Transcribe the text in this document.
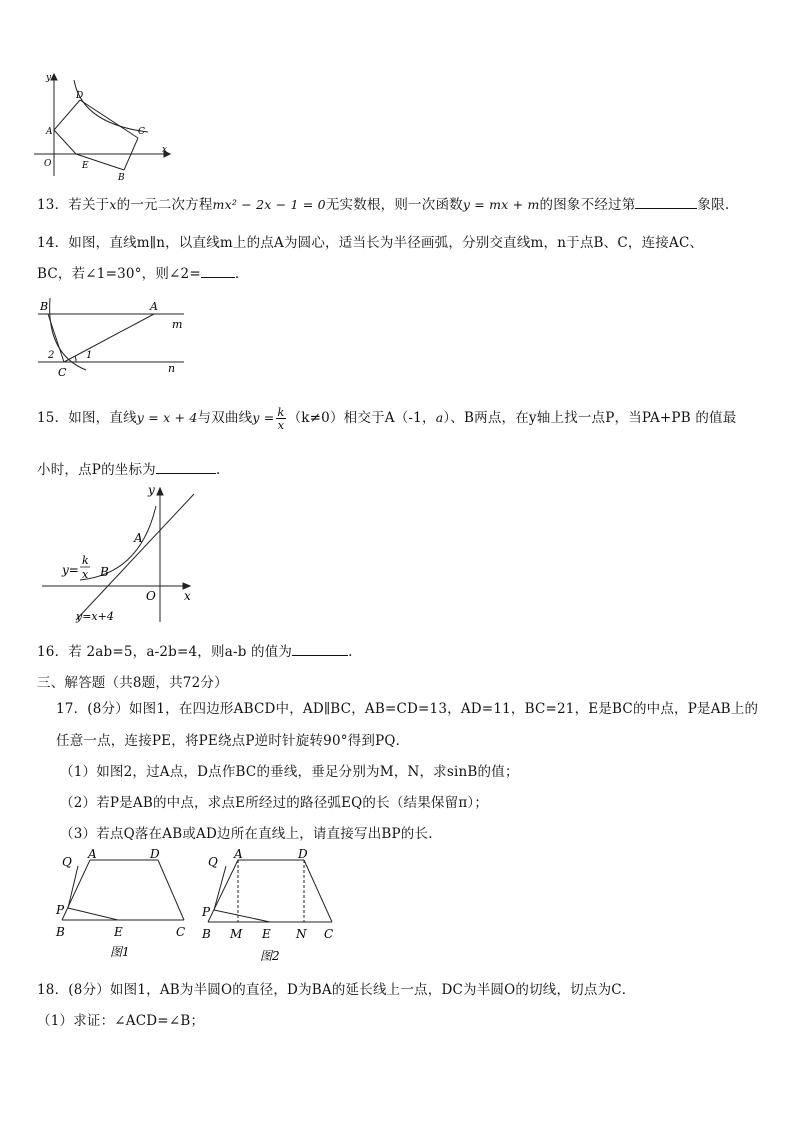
y
x
O
A
D
C
E
B
13．若关于x的一元二次方程mx² − 2x − 1 = 0无实数根，则一次函数y = mx + m的图象不经过第	象限.
14．如图，直线m∥n，以直线m上的点A为圆心，适当长为半径画弧，分别交直线m，n于点B、C，连接AC、
BC，若∠1=30°，则∠2=	.
B	A
m
n
C
1
2
15．如图，直线y = x + 4与双曲线$y = \frac{k}{x} (k\ne 0)$相交于A（-1，a）、B两点，在y轴上找一点P，当PA+PB 的值最
小时，点P的坐标为	.
y
x
O
A
B
y=
k
x
y=x+4
16．若 2ab=5，a-2b=4，则a-b 的值为	.
三、解答题（共8题，共72分）
17．(8分）如图1，在四边形ABCD中，AD∥BC，AB=CD=13，AD=11，BC=21，E是BC的中点，P是AB上的
任意一点，连接PE，将PE绕点P逆时针旋转90°得到PQ．
（1）如图2，过A点，D点作BC的垂线，垂足分别为M，N，求sinB的值；
（2）若P是AB的中点，求点E所经过的路径弧EQ的长（结果保留π）；
（3）若点Q落在AB或AD边所在直线上，请直接写出BP的长.
Q
A	D
P
B	E	C
图1
Q
A	D
P
B M E N C
图2
18．(8分）如图1，AB为半圆O的直径，D为BA的延长线上一点，DC为半圆O的切线，切点为C．
（1）求证：∠ACD=∠B；
